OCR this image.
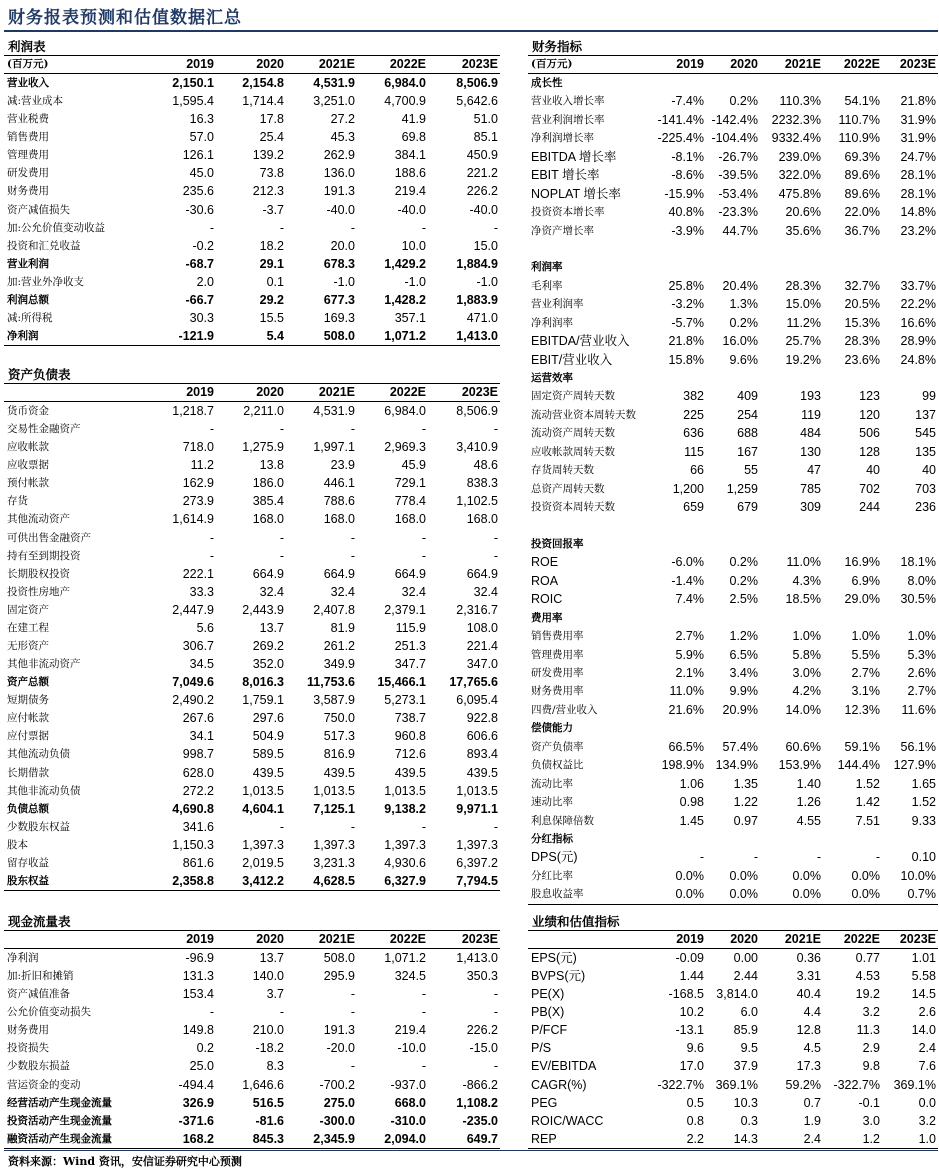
财务报表预测和估值数据汇总
利润表
(百万元)	2019	2020	2021E	2022E	2023E
营业收入	2,150.1	2,154.8	4,531.9	6,984.0	8,506.9
减:营业成本	1,595.4	1,714.4	3,251.0	4,700.9	5,642.6
营业税费	16.3	17.8	27.2	41.9	51.0
销售费用	57.0	25.4	45.3	69.8	85.1
管理费用	126.1	139.2	262.9	384.1	450.9
研发费用	45.0	73.8	136.0	188.6	221.2
财务费用	235.6	212.3	191.3	219.4	226.2
资产减值损失	-30.6	-3.7	-40.0	-40.0	-40.0
加:公允价值变动收益	-	-	-	-	-
投资和汇兑收益	-0.2	18.2	20.0	10.0	15.0
营业利润	-68.7	29.1	678.3	1,429.2	1,884.9
加:营业外净收支	2.0	0.1	-1.0	-1.0	-1.0
利润总额	-66.7	29.2	677.3	1,428.2	1,883.9
减:所得税	30.3	15.5	169.3	357.1	471.0
净利润	-121.9	5.4	508.0	1,071.2	1,413.0
资产负债表
2019	2020	2021E	2022E	2023E
货币资金	1,218.7	2,211.0	4,531.9	6,984.0	8,506.9
交易性金融资产	-	-	-	-	-
应收帐款	718.0	1,275.9	1,997.1	2,969.3	3,410.9
应收票据	11.2	13.8	23.9	45.9	48.6
预付帐款	162.9	186.0	446.1	729.1	838.3
存货	273.9	385.4	788.6	778.4	1,102.5
其他流动资产	1,614.9	168.0	168.0	168.0	168.0
可供出售金融资产	-	-	-	-	-
持有至到期投资	-	-	-	-	-
长期股权投资	222.1	664.9	664.9	664.9	664.9
投资性房地产	33.3	32.4	32.4	32.4	32.4
固定资产	2,447.9	2,443.9	2,407.8	2,379.1	2,316.7
在建工程	5.6	13.7	81.9	115.9	108.0
无形资产	306.7	269.2	261.2	251.3	221.4
其他非流动资产	34.5	352.0	349.9	347.7	347.0
资产总额	7,049.6	8,016.3	11,753.6	15,466.1	17,765.6
短期债务	2,490.2	1,759.1	3,587.9	5,273.1	6,095.4
应付帐款	267.6	297.6	750.0	738.7	922.8
应付票据	34.1	504.9	517.3	960.8	606.6
其他流动负债	998.7	589.5	816.9	712.6	893.4
长期借款	628.0	439.5	439.5	439.5	439.5
其他非流动负债	272.2	1,013.5	1,013.5	1,013.5	1,013.5
负债总额	4,690.8	4,604.1	7,125.1	9,138.2	9,971.1
少数股东权益	341.6	-	-	-	-
股本	1,150.3	1,397.3	1,397.3	1,397.3	1,397.3
留存收益	861.6	2,019.5	3,231.3	4,930.6	6,397.2
股东权益	2,358.8	3,412.2	4,628.5	6,327.9	7,794.5
现金流量表
2019	2020	2021E	2022E	2023E
净利润	-96.9	13.7	508.0	1,071.2	1,413.0
加:折旧和摊销	131.3	140.0	295.9	324.5	350.3
资产减值准备	153.4	3.7	-	-	-
公允价值变动损失	-	-	-	-	-
财务费用	149.8	210.0	191.3	219.4	226.2
投资损失	0.2	-18.2	-20.0	-10.0	-15.0
少数股东损益	25.0	8.3	-	-	-
营运资金的变动	-494.4	1,646.6	-700.2	-937.0	-866.2
经营活动产生现金流量	326.9	516.5	275.0	668.0	1,108.2
投资活动产生现金流量	-371.6	-81.6	-300.0	-310.0	-235.0
融资活动产生现金流量	168.2	845.3	2,345.9	2,094.0	649.7
财务指标
(百万元)	2019	2020	2021E	2022E	2023E
成长性
营业收入增长率	-7.4%	0.2%	110.3%	54.1%	21.8%
营业利润增长率	-141.4% -142.4%	2232.3%	110.7%	31.9%
净利润增长率	-225.4% -104.4%	9332.4%	110.9%	31.9%
EBITDA 增长率	-8.1%	-26.7%	239.0%	69.3%	24.7%
EBIT 增长率	-8.6%	-39.5%	322.0%	89.6%	28.1%
NOPLAT 增长率	-15.9%	-53.4%	475.8%	89.6%	28.1%
投资资本增长率	40.8%	-23.3%	20.6%	22.0%	14.8%
净资产增长率	-3.9%	44.7%	35.6%	36.7%	23.2%
利润率
毛利率	25.8%	20.4%	28.3%	32.7%	33.7%
营业利润率	-3.2%	1.3%	15.0%	20.5%	22.2%
净利润率	-5.7%	0.2%	11.2%	15.3%	16.6%
EBITDA/营业收入	21.8%	16.0%	25.7%	28.3%	28.9%
EBIT/营业收入	15.8%	9.6%	19.2%	23.6%	24.8%
运营效率
固定资产周转天数	382	409	193	123	99
流动营业资本周转天数	225	254	119	120	137
流动资产周转天数	636	688	484	506	545
应收帐款周转天数	115	167	130	128	135
存货周转天数	66	55	47	40	40
总资产周转天数	1,200	1,259	785	702	703
投资资本周转天数	659	679	309	244	236
投资回报率
ROE	-6.0%	0.2%	11.0%	16.9%	18.1%
ROA	-1.4%	0.2%	4.3%	6.9%	8.0%
ROIC	7.4%	2.5%	18.5%	29.0%	30.5%
费用率
销售费用率	2.7%	1.2%	1.0%	1.0%	1.0%
管理费用率	5.9%	6.5%	5.8%	5.5%	5.3%
研发费用率	2.1%	3.4%	3.0%	2.7%	2.6%
财务费用率	11.0%	9.9%	4.2%	3.1%	2.7%
四费/营业收入	21.6%	20.9%	14.0%	12.3%	11.6%
偿债能力
资产负债率	66.5%	57.4%	60.6%	59.1%	56.1%
负债权益比	198.9% 134.9%	153.9%	144.4%	127.9%
流动比率	1.06	1.35	1.40	1.52	1.65
速动比率	0.98	1.22	1.26	1.42	1.52
利息保障倍数	1.45	0.97	4.55	7.51	9.33
分红指标
DPS(元)	-	-	-	-	0.10
分红比率	0.0%	0.0%	0.0%	0.0%	10.0%
股息收益率	0.0%	0.0%	0.0%	0.0%	0.7%
业绩和估值指标
2019	2020	2021E	2022E	2023E
EPS(元)	-0.09	0.00	0.36	0.77	1.01
BVPS(元)	1.44	2.44	3.31	4.53	5.58
PE(X)	-168.5 3,814.0	40.4	19.2	14.5
PB(X)	10.2	6.0	4.4	3.2	2.6
P/FCF	-13.1	85.9	12.8	11.3	14.0
P/S	9.6	9.5	4.5	2.9	2.4
EV/EBITDA	17.0	37.9	17.3	9.8	7.6
CAGR(%)	-322.7% 369.1%	59.2% -322.7%	369.1%
PEG	0.5	10.3	0.7	-0.1	0.0
ROIC/WACC	0.8	0.3	1.9	3.0	3.2
REP	2.2	14.3	2.4	1.2	1.0
资料来源：Wind 资讯，安信证券研究中心预测
